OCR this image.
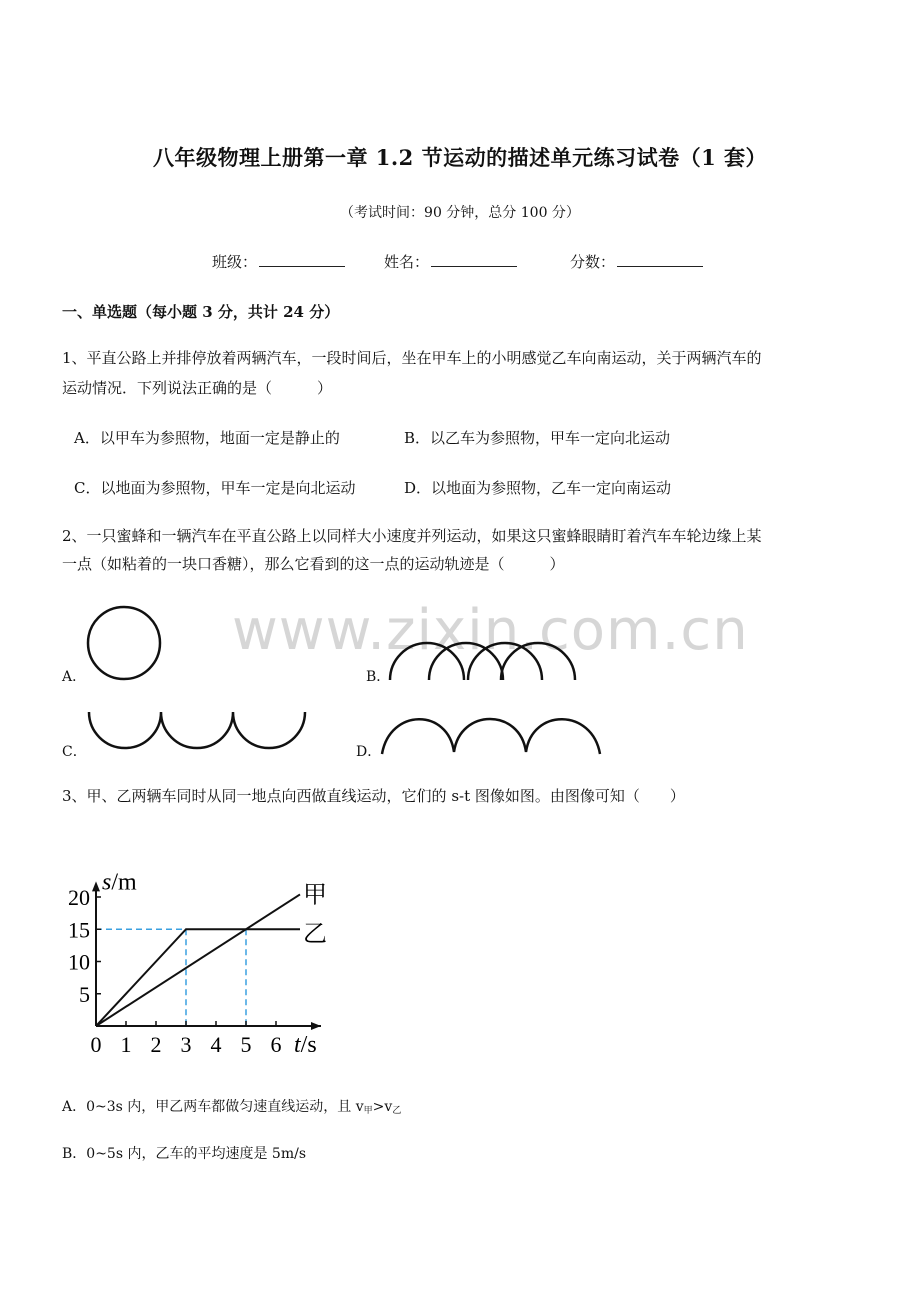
八年级物理上册第一章 1.2 节运动的描述单元练习试卷（1 套）
（考试时间：90 分钟，总分 100 分）
班级：	姓名：	分数：
一、单选题（每小题 3 分，共计 24 分）
1、平直公路上并排停放着两辆汽车，一段时间后，坐在甲车上的小明感觉乙车向南运动，关于两辆汽车的
运动情况．下列说法正确的是（　　　）
A．以甲车为参照物，地面一定是静止的	B．以乙车为参照物，甲车一定向北运动
C．以地面为参照物，甲车一定是向北运动	D．以地面为参照物，乙车一定向南运动
2、一只蜜蜂和一辆汽车在平直公路上以同样大小速度并列运动，如果这只蜜蜂眼睛盯着汽车车轮边缘上某
一点（如粘着的一块口香糖），那么它看到的这一点的运动轨迹是（　　　）
www.zixin.com.cn
A．	B．
C．	D．
3、甲、乙两辆车同时从同一地点向西做直线运动，它们的 s-t 图像如图。由图像可知（　　）
0 1 2 3 4 5 6
5
10
15
20	甲
乙
s/m
t/s
A．0~3s 内，甲乙两车都做匀速直线运动，且 $v_甲>v_乙$
B．0~5s 内，乙车的平均速度是 5m/s
